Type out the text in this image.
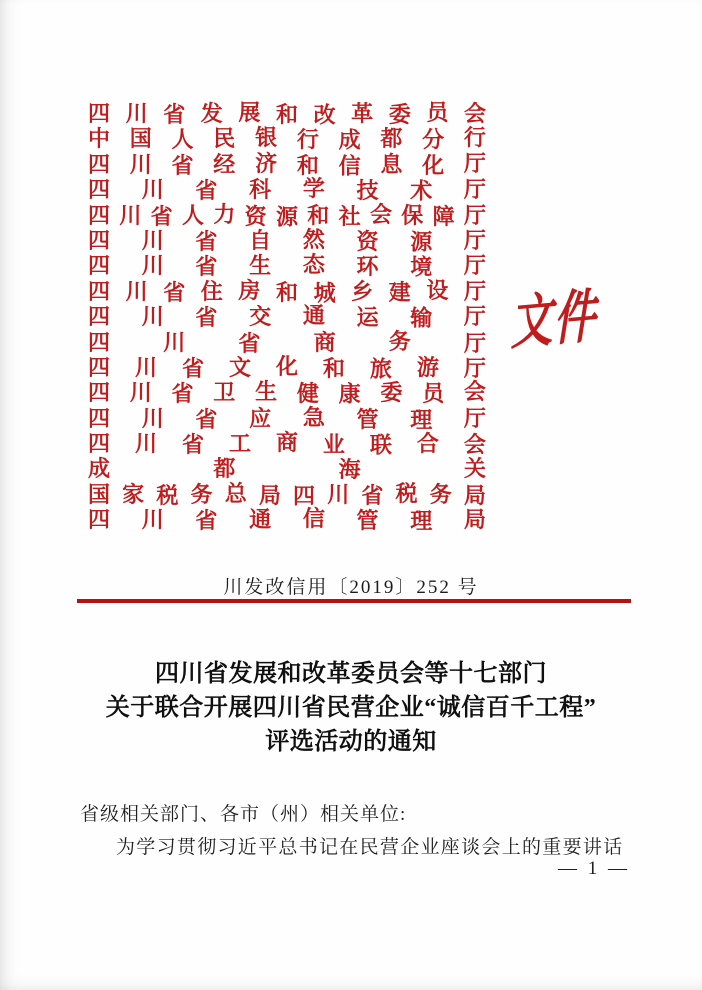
四 川 省 发 展 和 改 革 委 员 会
中 国 人 民 银 行 成 都 分 行
四 川 省 经 济 和 信 息 化 厅
四 川 省 科 学 技 术 厅
四 川 省 人 力 资 源 和 社 会 保 障 厅
四 川 省 自 然 资 源 厅
四 川 省 生 态 环 境 厅
四 川 省 住 房 和 城 乡 建 设 厅
四 川 省 交 通 运 输 厅
四 川 省 商 务 厅
四 川 省 文 化 和 旅 游 厅
四 川 省 卫 生 健 康 委 员 会
四 川 省 应 急 管 理 厅
四 川 省 工 商 业 联 合 会
成	都	海	关
国 家 税 务 总 局 四 川 省 税 务 局
四 川 省 通 信 管 理 局
文件
川发改信用〔2019〕252 号
四川省发展和改革委员会等十七部门
关于联合开展四川省民营企业“诚信百千工程”
评选活动的通知
省级相关部门、各市（州）相关单位:
为学习贯彻习近平总书记在民营企业座谈会上的重要讲话
— 1 —
